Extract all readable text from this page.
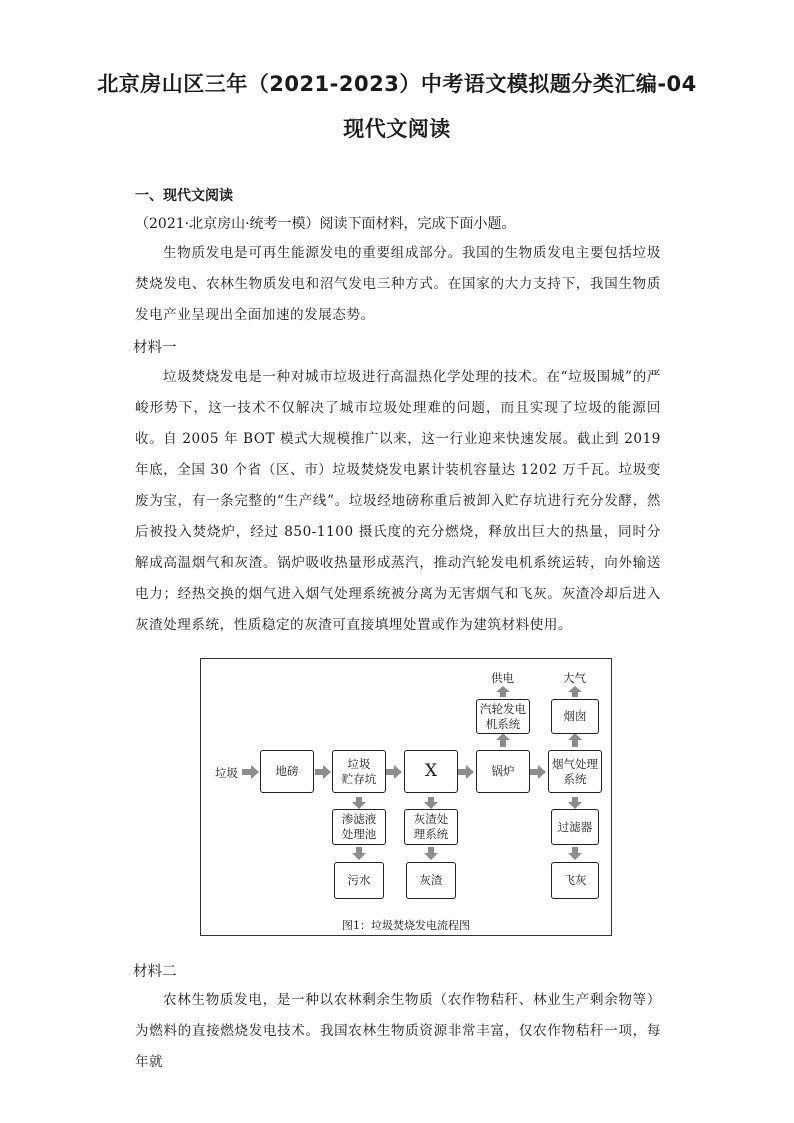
北京房山区三年（2021-2023）中考语文模拟题分类汇编-04
现代文阅读
一、现代文阅读
（2021·北京房山·统考一模）阅读下面材料，完成下面小题。

生物质发电是可再生能源发电的重要组成部分。我国的生物质发电主要包括垃圾焚烧发电、农林生物质发电和沼气发电三种方式。在国家的大力支持下，我国生物质发电产业呈现出全面加速的发展态势。

材料一

垃圾焚烧发电是一种对城市垃圾进行高温热化学处理的技术。在“垃圾围城”的严峻形势下，这一技术不仅解决了城市垃圾处理难的问题，而且实现了垃圾的能源回收。自 2005 年 BOT 模式大规模推广以来，这一行业迎来快速发展。截止到 2019 年底，全国 30 个省（区、市）垃圾焚烧发电累计装机容量达 1202 万千瓦。垃圾变废为宝，有一条完整的“生产线”。垃圾经地磅称重后被卸入贮存坑进行充分发酵，然后被投入焚烧炉，经过 850-1100 摄氏度的充分燃烧，释放出巨大的热量，同时分解成高温烟气和灰渣。锅炉吸收热量形成蒸汽，推动汽轮发电机系统运转，向外输送电力；经热交换的烟气进入烟气处理系统被分离为无害烟气和飞灰。灰渣冷却后进入灰渣处理系统，性质稳定的灰渣可直接填埋处置或作为建筑材料使用。

垃圾	地磅
垃圾
贮存坑	X	锅炉
烟气处理
系统
汽轮发电
机系统
供电
烟囱
大气
渗滤液
处理池
污水
灰渣处
理系统
灰渣
过滤器
飞灰
图1：垃圾焚烧发电流程图
材料二

农林生物质发电，是一种以农林剩余生物质（农作物秸秆、林业生产剩余物等）为燃料的直接燃烧发电技术。我国农林生物质资源非常丰富，仅农作物秸秆一项，每年就
